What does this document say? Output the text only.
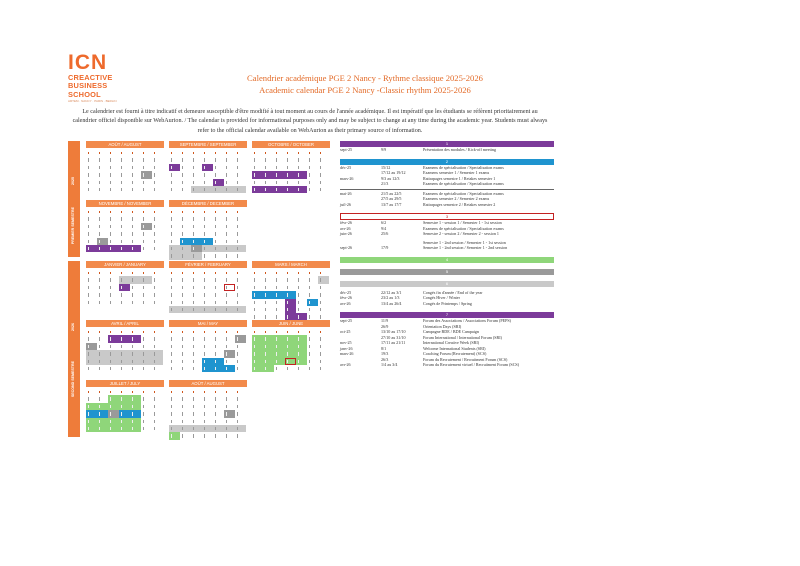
ICN
CREACTIVE
BUSINESS
SCHOOL
ARTEM · NANCY · PARIS · BERLIN
Calendrier académique PGE 2 Nancy - Rythme classique 2025-2026
Academic calendar PGE 2 Nancy -Classic rhythm 2025-2026
Le calendrier est fourni à titre indicatif et demeure susceptible d'être modifié à tout moment au cours de l'année académique. Il est impératif que les étudiants se réfèrent prioritairement au calendrier officiel disponible sur WebAurion. / The calendar is provided for informational purposes only and may be subject to change at any time during the academic year. Students must always refer to the official calendar available on WebAurion as their primary source of information.
2025
PREMIER SEMESTRE
2026
SECOND SEMESTRE
AOÛT / AUGUST	SEPTEMBRE / SEPTEMBER	OCTOBRE / OCTOBER
NOVEMBRE / NOVEMBER	DÉCEMBRE / DECEMBER
JANVIER / JANUARY	FÉVRIER / FEBRUARY	MARS / MARCH
AVRIL / APRIL	MAI / MAY	JUIN / JUNE
JUILLET / JULY	AOÛT / AUGUST
1
sept-25	9/9	Présentation des modules / Kick-off meeting
2
déc-25	15/12	Examens de spécialisation / Specialisation exams
17/12 au 19/12	Examens semestre 1 / Semester 1 exams
mars-26	9/3 au 12/3	Rattrapages semestre 1 / Retakes semester 1
21/3	Examens de spécialisation / Specialisation exams
mai-26	21/5 au 22/5	Examens de spécialisation / Specialisation exams
27/5 au 29/5	Examens semestre 2 / Semester 2 exams
juil-26	13/7 au 17/7	Rattrapages semestre 2 / Retakes semester 2
3
févr-26	6/2	Semestre 1 - session 1 / Semester 1 - 1st session
avr-26	9/4	Examens de spécialisation / Specialisation exams
juin-26	25/6	Semestre 2 - session 2 / Semester 2 - session 1
Semestre 1 - 2nd session / Semester 1 - 1st session
sept-26	17/9	Semestre 1 - 2nd session / Semester 1 - 2nd session
4
5
6
déc-25	22/12 au 3/1	Congés fin d'année / End of the year
févr-26	23/2 au 1/3	Congés Hiver / Winter
avr-26	13/4 au 26/4	Congés de Printemps / Spring
7
sept-25	11/9	Forum des Associations / Associations Forum (PEPS)
26/9	Orientation Days (SRI)
oct-25	13/10 au 17/10	Campagne BDE / BDE Campaign
27/10 au 31/10	Forum International / International Forum (SRI)
nov-25	17/11 au 21/11	International Creative Week (SRI)
janv-26	8/1	Welcome International Students (SRI)
mars-26	19/3	Coaching Forum (Recrutement) (SCS)
26/3	Forum du Recrutement / Recruitment Forum (SCS)
avr-26	1/4 au 3/4	Forum du Recrutement virtuel / Recruitment Forum (SCS)
